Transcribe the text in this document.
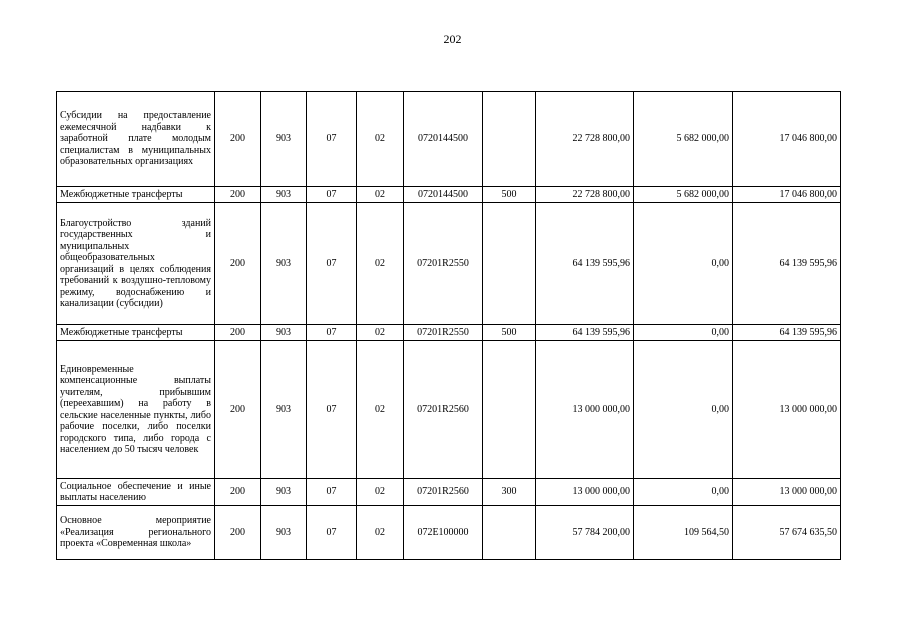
202
Субсидии на предоставление ежемесячной надбавки к заработной плате молодым специалистам в муниципальных образовательных организациях	200	903	07	02	0720144500		22 728 800,00	5 682 000,00	17 046 800,00
Межбюджетные трансферты	200	903	07	02	0720144500	500	22 728 800,00	5 682 000,00	17 046 800,00
Благоустройство зданий государственных и муниципальных общеобразовательных организаций в целях соблюдения требований к воздушно-тепловому режиму, водоснабжению и канализации (субсидии)	200	903	07	02	07201R2550		64 139 595,96	0,00	64 139 595,96
Межбюджетные трансферты	200	903	07	02	07201R2550	500	64 139 595,96	0,00	64 139 595,96
Единовременные компенсационные выплаты учителям, прибывшим (переехавшим) на работу в сельские населенные пункты, либо рабочие поселки, либо поселки городского типа, либо города с населением до 50 тысяч человек	200	903	07	02	07201R2560		13 000 000,00	0,00	13 000 000,00
Социальное обеспечение и иные выплаты населению	200	903	07	02	07201R2560	300	13 000 000,00	0,00	13 000 000,00
Основное мероприятие «Реализация регионального проекта «Современная школа»	200	903	07	02	072E100000		57 784 200,00	109 564,50	57 674 635,50
